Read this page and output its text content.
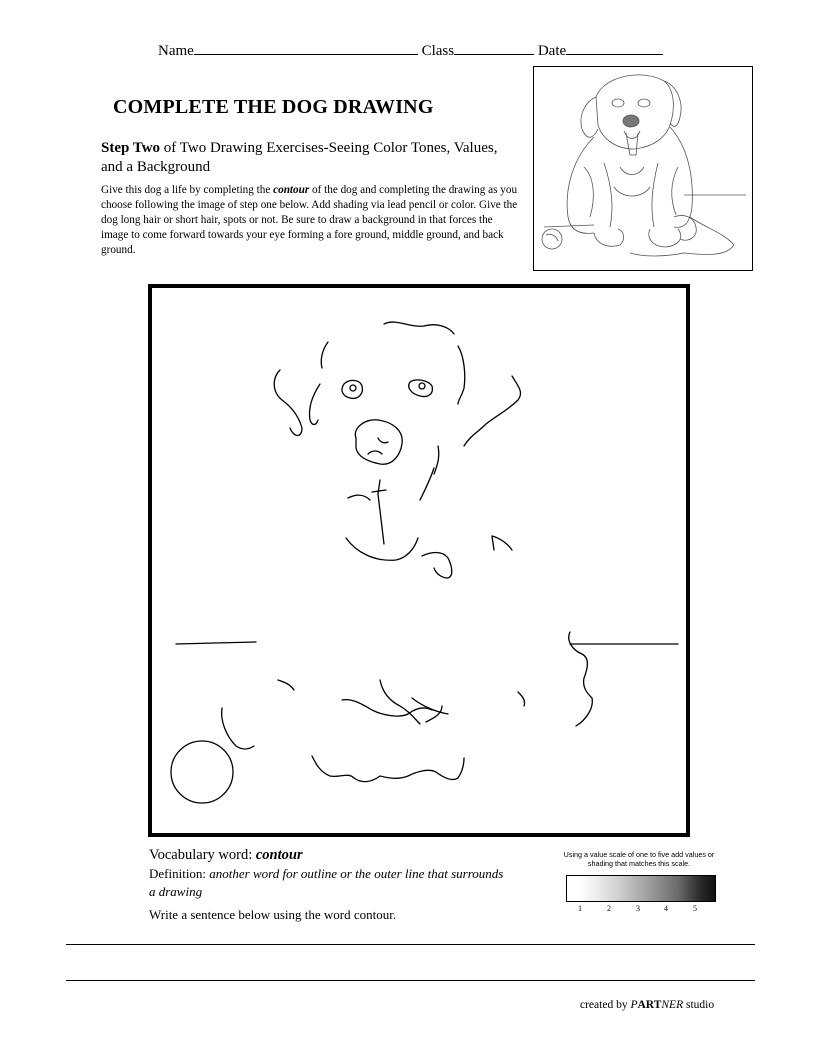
Name	Class	Date
COMPLETE THE DOG DRAWING
Step Two of Two Drawing Exercises-Seeing Color Tones, Values, and a Background
Give this dog a life by completing the contour of the dog and completing the drawing as you choose following the image of step one below. Add shading via lead pencil or color. Give the dog long hair or short hair, spots or not. Be sure to draw a background in that forces the image to come forward towards your eye forming a fore ground, middle ground, and back ground.
Vocabulary word: contour
Definition: another word for outline or the outer line that surrounds a drawing
Write a sentence below using the word contour.
Using a value scale of one to five add values or shading that matches this scale.
1	2	3	4	5
created by PARTNER studio
